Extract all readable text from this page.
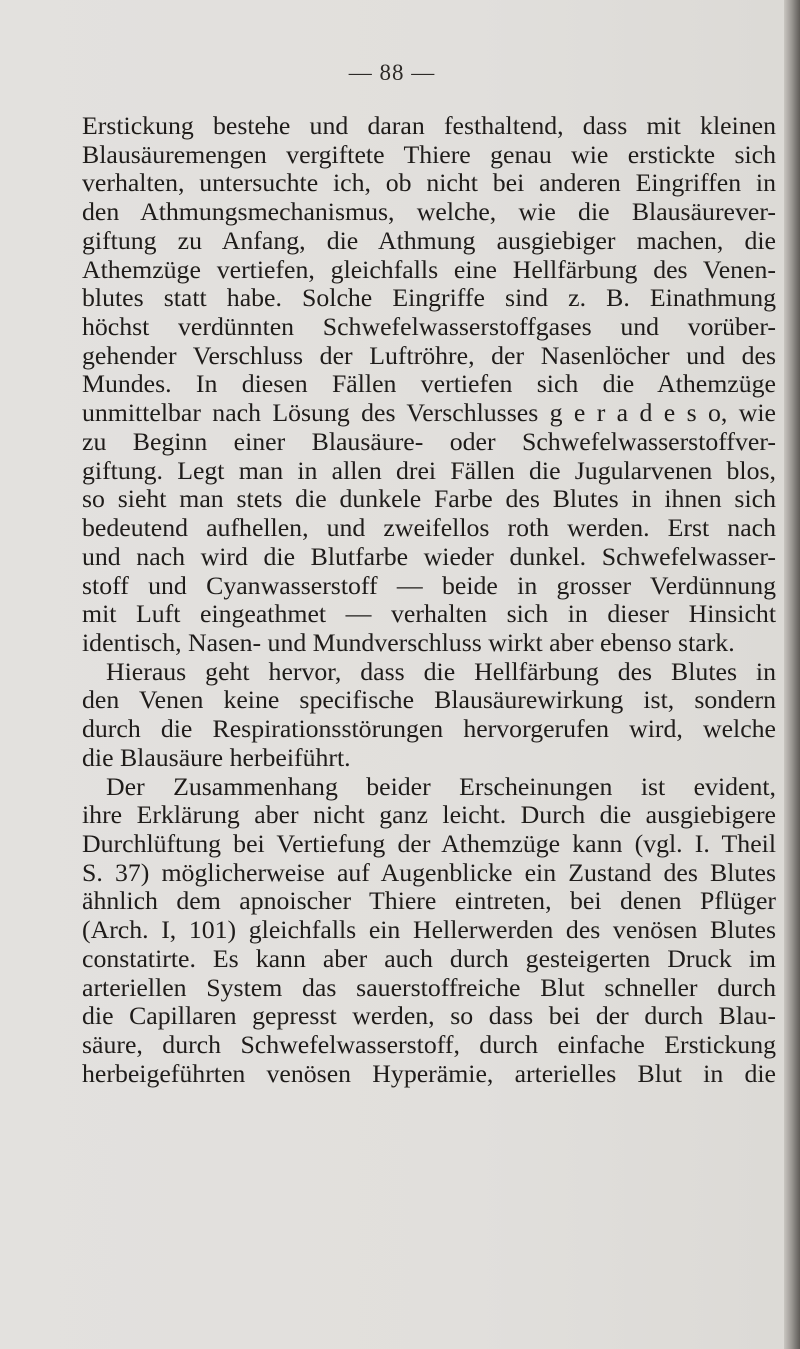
— 88 —
Erstickung bestehe und daran festhaltend, dass mit kleinen
Blausäuremengen vergiftete Thiere genau wie erstickte sich
verhalten, untersuchte ich, ob nicht bei anderen Eingriffen in
den Athmungsmechanismus, welche, wie die Blausäurever-
giftung zu Anfang, die Athmung ausgiebiger machen, die
Athemzüge vertiefen, gleichfalls eine Hellfärbung des Venen-
blutes statt habe. Solche Eingriffe sind z. B. Einathmung
höchst verdünnten Schwefelwasserstoffgases und vorüber-
gehender Verschluss der Luftröhre, der Nasenlöcher und des
Mundes. In diesen Fällen vertiefen sich die Athemzüge
unmittelbar nach Lösung des Verschlusses g e r a d e s o, wie
zu Beginn einer Blausäure- oder Schwefelwasserstoffver-
giftung. Legt man in allen drei Fällen die Jugularvenen blos,
so sieht man stets die dunkele Farbe des Blutes in ihnen sich
bedeutend aufhellen, und zweifellos roth werden. Erst nach
und nach wird die Blutfarbe wieder dunkel. Schwefelwasser-
stoff und Cyanwasserstoff — beide in grosser Verdünnung
mit Luft eingeathmet — verhalten sich in dieser Hinsicht
identisch, Nasen- und Mundverschluss wirkt aber ebenso stark.
Hieraus geht hervor, dass die Hellfärbung des Blutes in
den Venen keine specifische Blausäurewirkung ist, sondern
durch die Respirationsstörungen hervorgerufen wird, welche
die Blausäure herbeiführt.
Der Zusammenhang beider Erscheinungen ist evident,
ihre Erklärung aber nicht ganz leicht. Durch die ausgiebigere
Durchlüftung bei Vertiefung der Athemzüge kann (vgl. I. Theil
S. 37) möglicherweise auf Augenblicke ein Zustand des Blutes
ähnlich dem apnoischer Thiere eintreten, bei denen Pflüger
(Arch. I, 101) gleichfalls ein Hellerwerden des venösen Blutes
constatirte. Es kann aber auch durch gesteigerten Druck im
arteriellen System das sauerstoffreiche Blut schneller durch
die Capillaren gepresst werden, so dass bei der durch Blau-
säure, durch Schwefelwasserstoff, durch einfache Erstickung
herbeigeführten venösen Hyperämie, arterielles Blut in die
